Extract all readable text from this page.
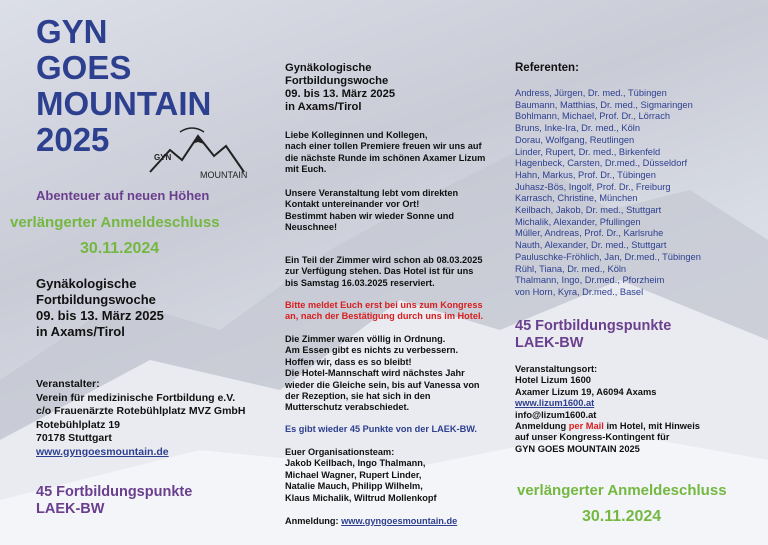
GYN
GOES
MOUNTAIN
2025	GYN
MOUNTAIN
Abenteuer auf neuen Höhen
verlängerter Anmeldeschluss
30.11.2024
Gynäkologische
Fortbildungswoche
09. bis 13. März 2025
in Axams/Tirol
Veranstalter:
Verein für medizinische Fortbildung e.V.
c/o Frauenärzte Rotebühlplatz MVZ GmbH
Rotebühlplatz 19
70178 Stuttgart
www.gyngoesmountain.de
45 Fortbildungspunkte
LAEK-BW
Gynäkologische
Fortbildungswoche
09. bis 13. März 2025
in Axams/Tirol
Liebe Kolleginnen und Kollegen,
nach einer tollen Premiere freuen wir uns auf
die nächste Runde im schönen Axamer Lizum
mit Euch.
Unsere Veranstaltung lebt vom direkten
Kontakt untereinander vor Ort!
Bestimmt haben wir wieder Sonne und
Neuschnee!
Ein Teil der Zimmer wird schon ab 08.03.2025
zur Verfügung stehen. Das Hotel ist für uns
bis Samstag 16.03.2025 reserviert.
Bitte meldet Euch erst bei uns zum Kongress
an, nach der Bestätigung durch uns im Hotel.
Die Zimmer waren völlig in Ordnung.
Am Essen gibt es nichts zu verbessern.
Hoffen wir, dass es so bleibt!
Die Hotel-Mannschaft wird nächstes Jahr
wieder die Gleiche sein, bis auf Vanessa von
der Rezeption, sie hat sich in den
Mutterschutz verabschiedet.
Es gibt wieder 45 Punkte von der LAEK-BW.
Euer Organisationsteam:
Jakob Keilbach, Ingo Thalmann,
Michael Wagner, Rupert Linder,
Natalie Mauch, Philipp Wilhelm,
Klaus Michalik, Wiltrud Mollenkopf
Anmeldung: www.gyngoesmountain.de
Referenten:
Andress, Jürgen, Dr. med., Tübingen
Baumann, Matthias, Dr. med., Sigmaringen
Bohlmann, Michael, Prof. Dr., Lörrach
Bruns, Inke-Ira, Dr. med., Köln
Dorau, Wolfgang, Reutlingen
Linder, Rupert, Dr. med., Birkenfeld
Hagenbeck, Carsten, Dr.med., Düsseldorf
Hahn, Markus, Prof. Dr., Tübingen
Juhasz-Bös, Ingolf, Prof. Dr., Freiburg
Karrasch, Christine, München
Keilbach, Jakob, Dr. med., Stuttgart
Michalik, Alexander, Pfullingen
Müller, Andreas, Prof. Dr., Karlsruhe
Nauth, Alexander, Dr. med., Stuttgart
Pauluschke-Fröhlich, Jan, Dr.med., Tübingen
Rühl, Tiana, Dr. med., Köln
Thalmann, Ingo, Dr.med., Pforzheim
von Horn, Kyra, Dr.med., Basel
45 Fortbildungspunkte
LAEK-BW
Veranstaltungsort:
Hotel Lizum 1600
Axamer Lizum 19, A6094 Axams
www.lizum1600.at
info@lizum1600.at
Anmeldung per Mail im Hotel, mit Hinweis
auf unser Kongress-Kontingent für
GYN GOES MOUNTAIN 2025
verlängerter Anmeldeschluss
30.11.2024
